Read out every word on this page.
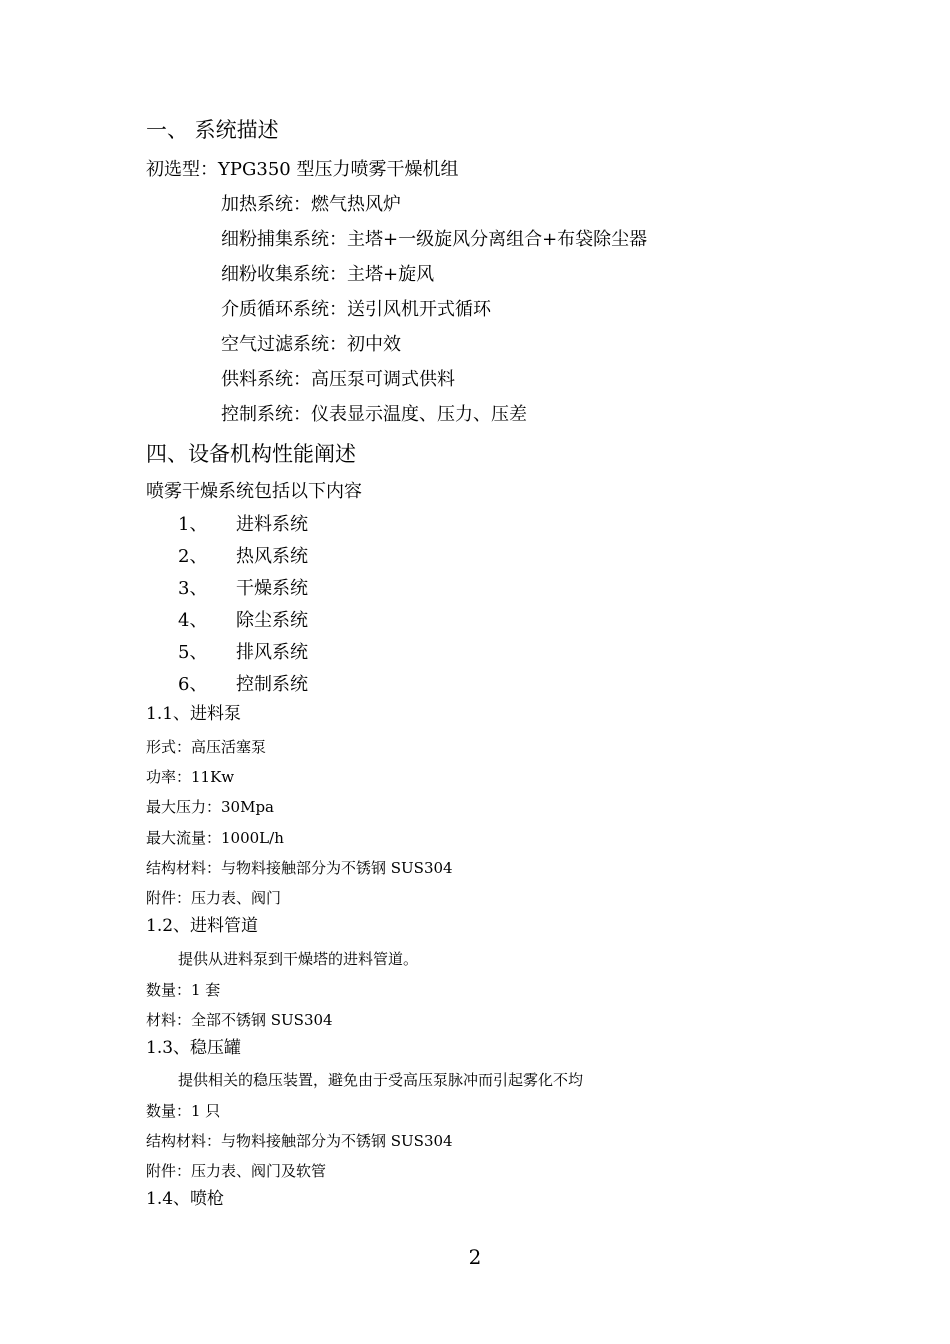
一、 系统描述
初选型：YPG350 型压力喷雾干燥机组
加热系统：燃气热风炉
细粉捕集系统：主塔+一级旋风分离组合+布袋除尘器
细粉收集系统：主塔+旋风
介质循环系统：送引风机开式循环
空气过滤系统：初中效
供料系统：高压泵可调式供料
控制系统：仪表显示温度、压力、压差
四、设备机构性能阐述
喷雾干燥系统包括以下内容
1、 进料系统
2、 热风系统
3、 干燥系统
4、 除尘系统
5、 排风系统
6、 控制系统
1.1、进料泵
形式：高压活塞泵
功率：11Kw
最大压力：30Mpa
最大流量：1000L/h
结构材料：与物料接触部分为不锈钢 SUS304
附件：压力表、阀门
1.2、进料管道
提供从进料泵到干燥塔的进料管道。
数量：1 套
材料：全部不锈钢 SUS304
1.3、稳压罐
提供相关的稳压装置，避免由于受高压泵脉冲而引起雾化不均
数量：1 只
结构材料：与物料接触部分为不锈钢 SUS304
附件：压力表、阀门及软管
1.4、喷枪
2
